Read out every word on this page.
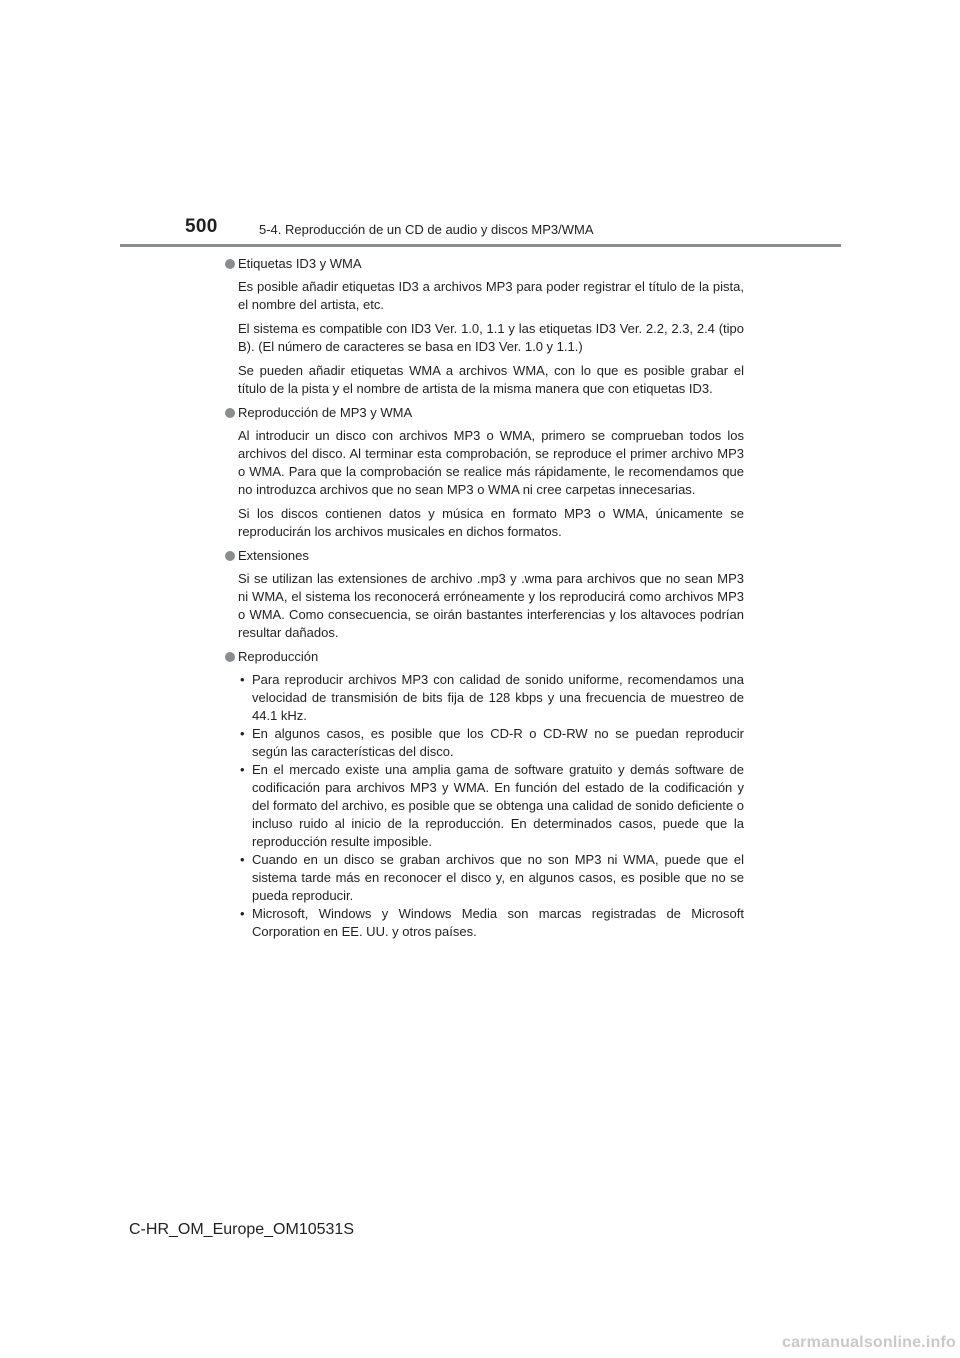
500	5-4. Reproducción de un CD de audio y discos MP3/WMA
Etiquetas ID3 y WMA

Es posible añadir etiquetas ID3 a archivos MP3 para poder registrar el título de la pista, el nombre del artista, etc.

El sistema es compatible con ID3 Ver. 1.0, 1.1 y las etiquetas ID3 Ver. 2.2, 2.3, 2.4 (tipo B). (El número de caracteres se basa en ID3 Ver. 1.0 y 1.1.)

Se pueden añadir etiquetas WMA a archivos WMA, con lo que es posible grabar el título de la pista y el nombre de artista de la misma manera que con etiquetas ID3.

Reproducción de MP3 y WMA

Al introducir un disco con archivos MP3 o WMA, primero se comprueban todos los archivos del disco. Al terminar esta comprobación, se reproduce el primer archivo MP3 o WMA. Para que la comprobación se realice más rápidamente, le recomendamos que no introduzca archivos que no sean MP3 o WMA ni cree carpetas innecesarias.

Si los discos contienen datos y música en formato MP3 o WMA, únicamente se reproducirán los archivos musicales en dichos formatos.

Extensiones

Si se utilizan las extensiones de archivo .mp3 y .wma para archivos que no sean MP3 ni WMA, el sistema los reconocerá erróneamente y los reproducirá como archivos MP3 o WMA. Como consecuencia, se oirán bastantes interferencias y los altavoces podrían resultar dañados.

Reproducción
• Para reproducir archivos MP3 con calidad de sonido uniforme, recomendamos una velocidad de transmisión de bits fija de 128 kbps y una frecuencia de muestreo de 44.1 kHz.
• En algunos casos, es posible que los CD-R o CD-RW no se puedan reproducir según las características del disco.
• En el mercado existe una amplia gama de software gratuito y demás software de codificación para archivos MP3 y WMA. En función del estado de la codificación y del formato del archivo, es posible que se obtenga una calidad de sonido deficiente o incluso ruido al inicio de la reproducción. En determinados casos, puede que la reproducción resulte imposible.
• Cuando en un disco se graban archivos que no son MP3 ni WMA, puede que el sistema tarde más en reconocer el disco y, en algunos casos, es posible que no se pueda reproducir.
• Microsoft, Windows y Windows Media son marcas registradas de Microsoft Corporation en EE. UU. y otros países.
C-HR_OM_Europe_OM10531S
carmanualsonline.info
